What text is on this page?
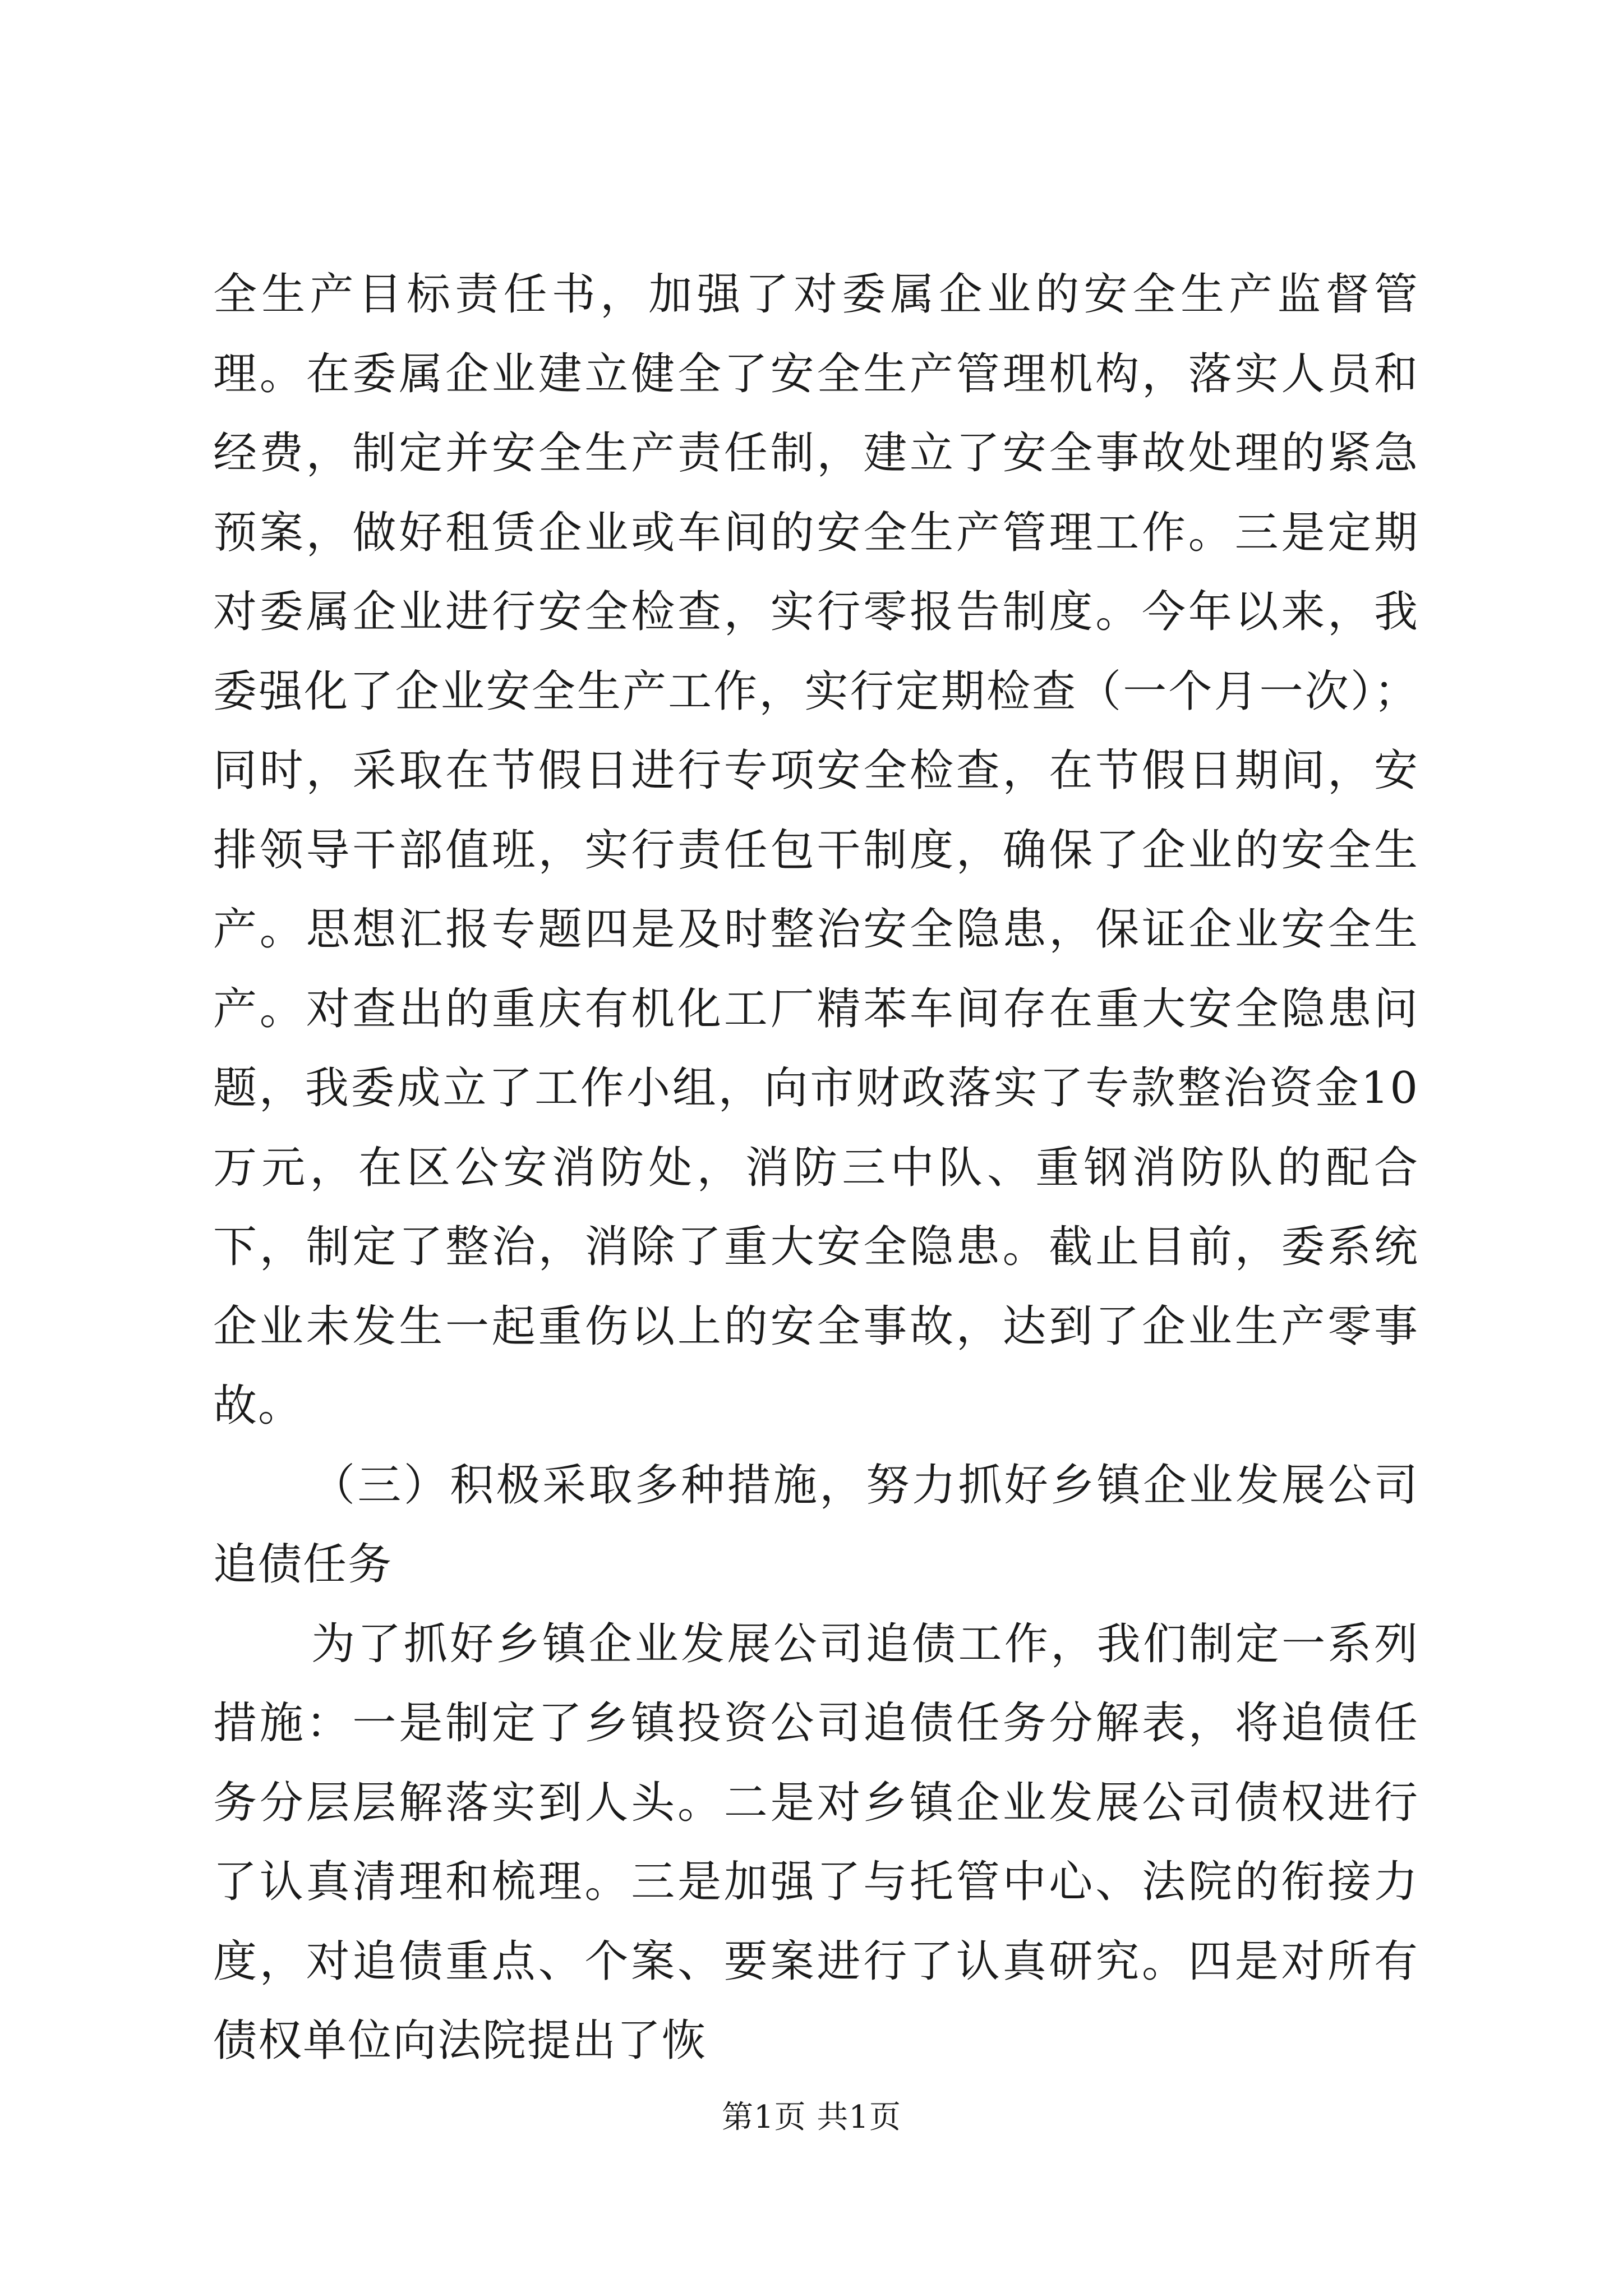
全生产目标责任书，加强了对委属企业的安全生产监督管理。在委属企业建立健全了安全生产管理机构，落实人员和经费，制定并安全生产责任制，建立了安全事故处理的紧急预案，做好租赁企业或车间的安全生产管理工作。三是定期对委属企业进行安全检查，实行零报告制度。今年以来，我委强化了企业安全生产工作，实行定期检查（一个月一次）；同时，采取在节假日进行专项安全检查，在节假日期间，安排领导干部值班，实行责任包干制度，确保了企业的安全生产。思想汇报专题四是及时整治安全隐患，保证企业安全生产。对查出的重庆有机化工厂精苯车间存在重大安全隐患问题，我委成立了工作小组，向市财政落实了专款整治资金10万元，在区公安消防处，消防三中队、重钢消防队的配合下，制定了整治，消除了重大安全隐患。截止目前，委系统企业未发生一起重伤以上的安全事故，达到了企业生产零事故。

（三）积极采取多种措施，努力抓好乡镇企业发展公司追债任务

为了抓好乡镇企业发展公司追债工作，我们制定一系列措施：一是制定了乡镇投资公司追债任务分解表，将追债任务分层层解落实到人头。二是对乡镇企业发展公司债权进行了认真清理和梳理。三是加强了与托管中心、法院的衔接力度，对追债重点、个案、要案进行了认真研究。四是对所有债权单位向法院提出了恢

第1页 共1页
